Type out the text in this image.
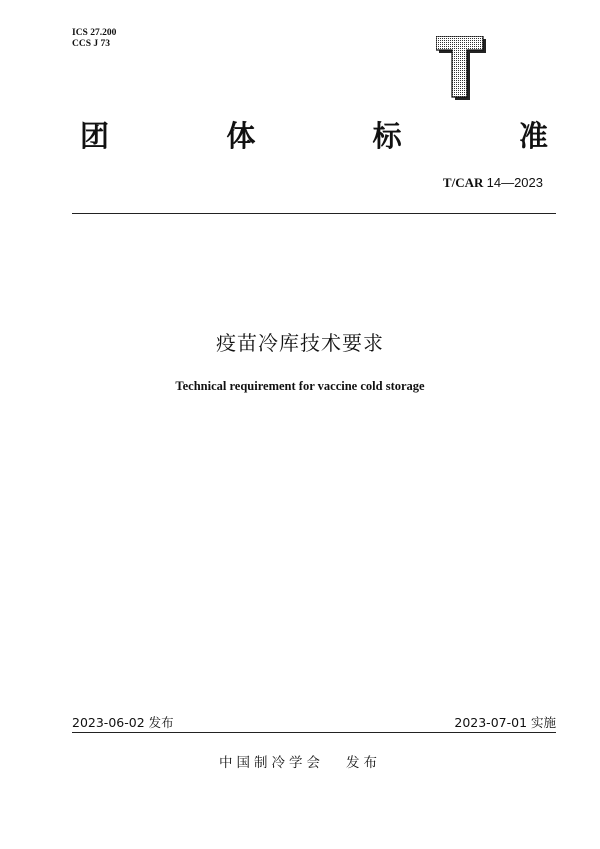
ICS 27.200
CCS J 73
团	体	标	准
T/CAR 14—2023
疫苗冷库技术要求
Technical requirement for vaccine cold storage
2023-06-02 发布	2023-07-01 实施
中国制冷学会 发布
